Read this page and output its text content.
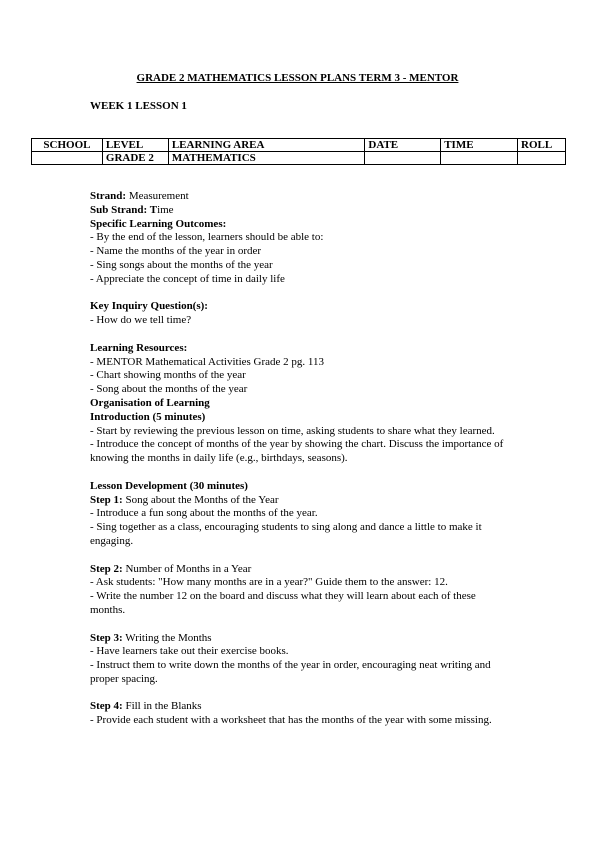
GRADE 2 MATHEMATICS LESSON PLANS TERM 3 - MENTOR
WEEK 1 LESSON 1
SCHOOL	LEVEL	LEARNING AREA	DATE	TIME	ROLL
	GRADE 2	MATHEMATICS			

Strand: Measurement

Sub Strand: Time

Specific Learning Outcomes:

- By the end of the lesson, learners should be able to:

- Name the months of the year in order

- Sing songs about the months of the year

- Appreciate the concept of time in daily life

Key Inquiry Question(s):

- How do we tell time?

Learning Resources:

- MENTOR Mathematical Activities Grade 2 pg. 113

- Chart showing months of the year

- Song about the months of the year

Organisation of Learning

Introduction (5 minutes)

- Start by reviewing the previous lesson on time, asking students to share what they learned.

- Introduce the concept of months of the year by showing the chart. Discuss the importance of knowing the months in daily life (e.g., birthdays, seasons).

Lesson Development (30 minutes)

Step 1: Song about the Months of the Year

- Introduce a fun song about the months of the year.

- Sing together as a class, encouraging students to sing along and dance a little to make it engaging.

Step 2: Number of Months in a Year

- Ask students: "How many months are in a year?" Guide them to the answer: 12.

- Write the number 12 on the board and discuss what they will learn about each of these months.

Step 3: Writing the Months

- Have learners take out their exercise books.

- Instruct them to write down the months of the year in order, encouraging neat writing and proper spacing.

Step 4: Fill in the Blanks

- Provide each student with a worksheet that has the months of the year with some missing.
